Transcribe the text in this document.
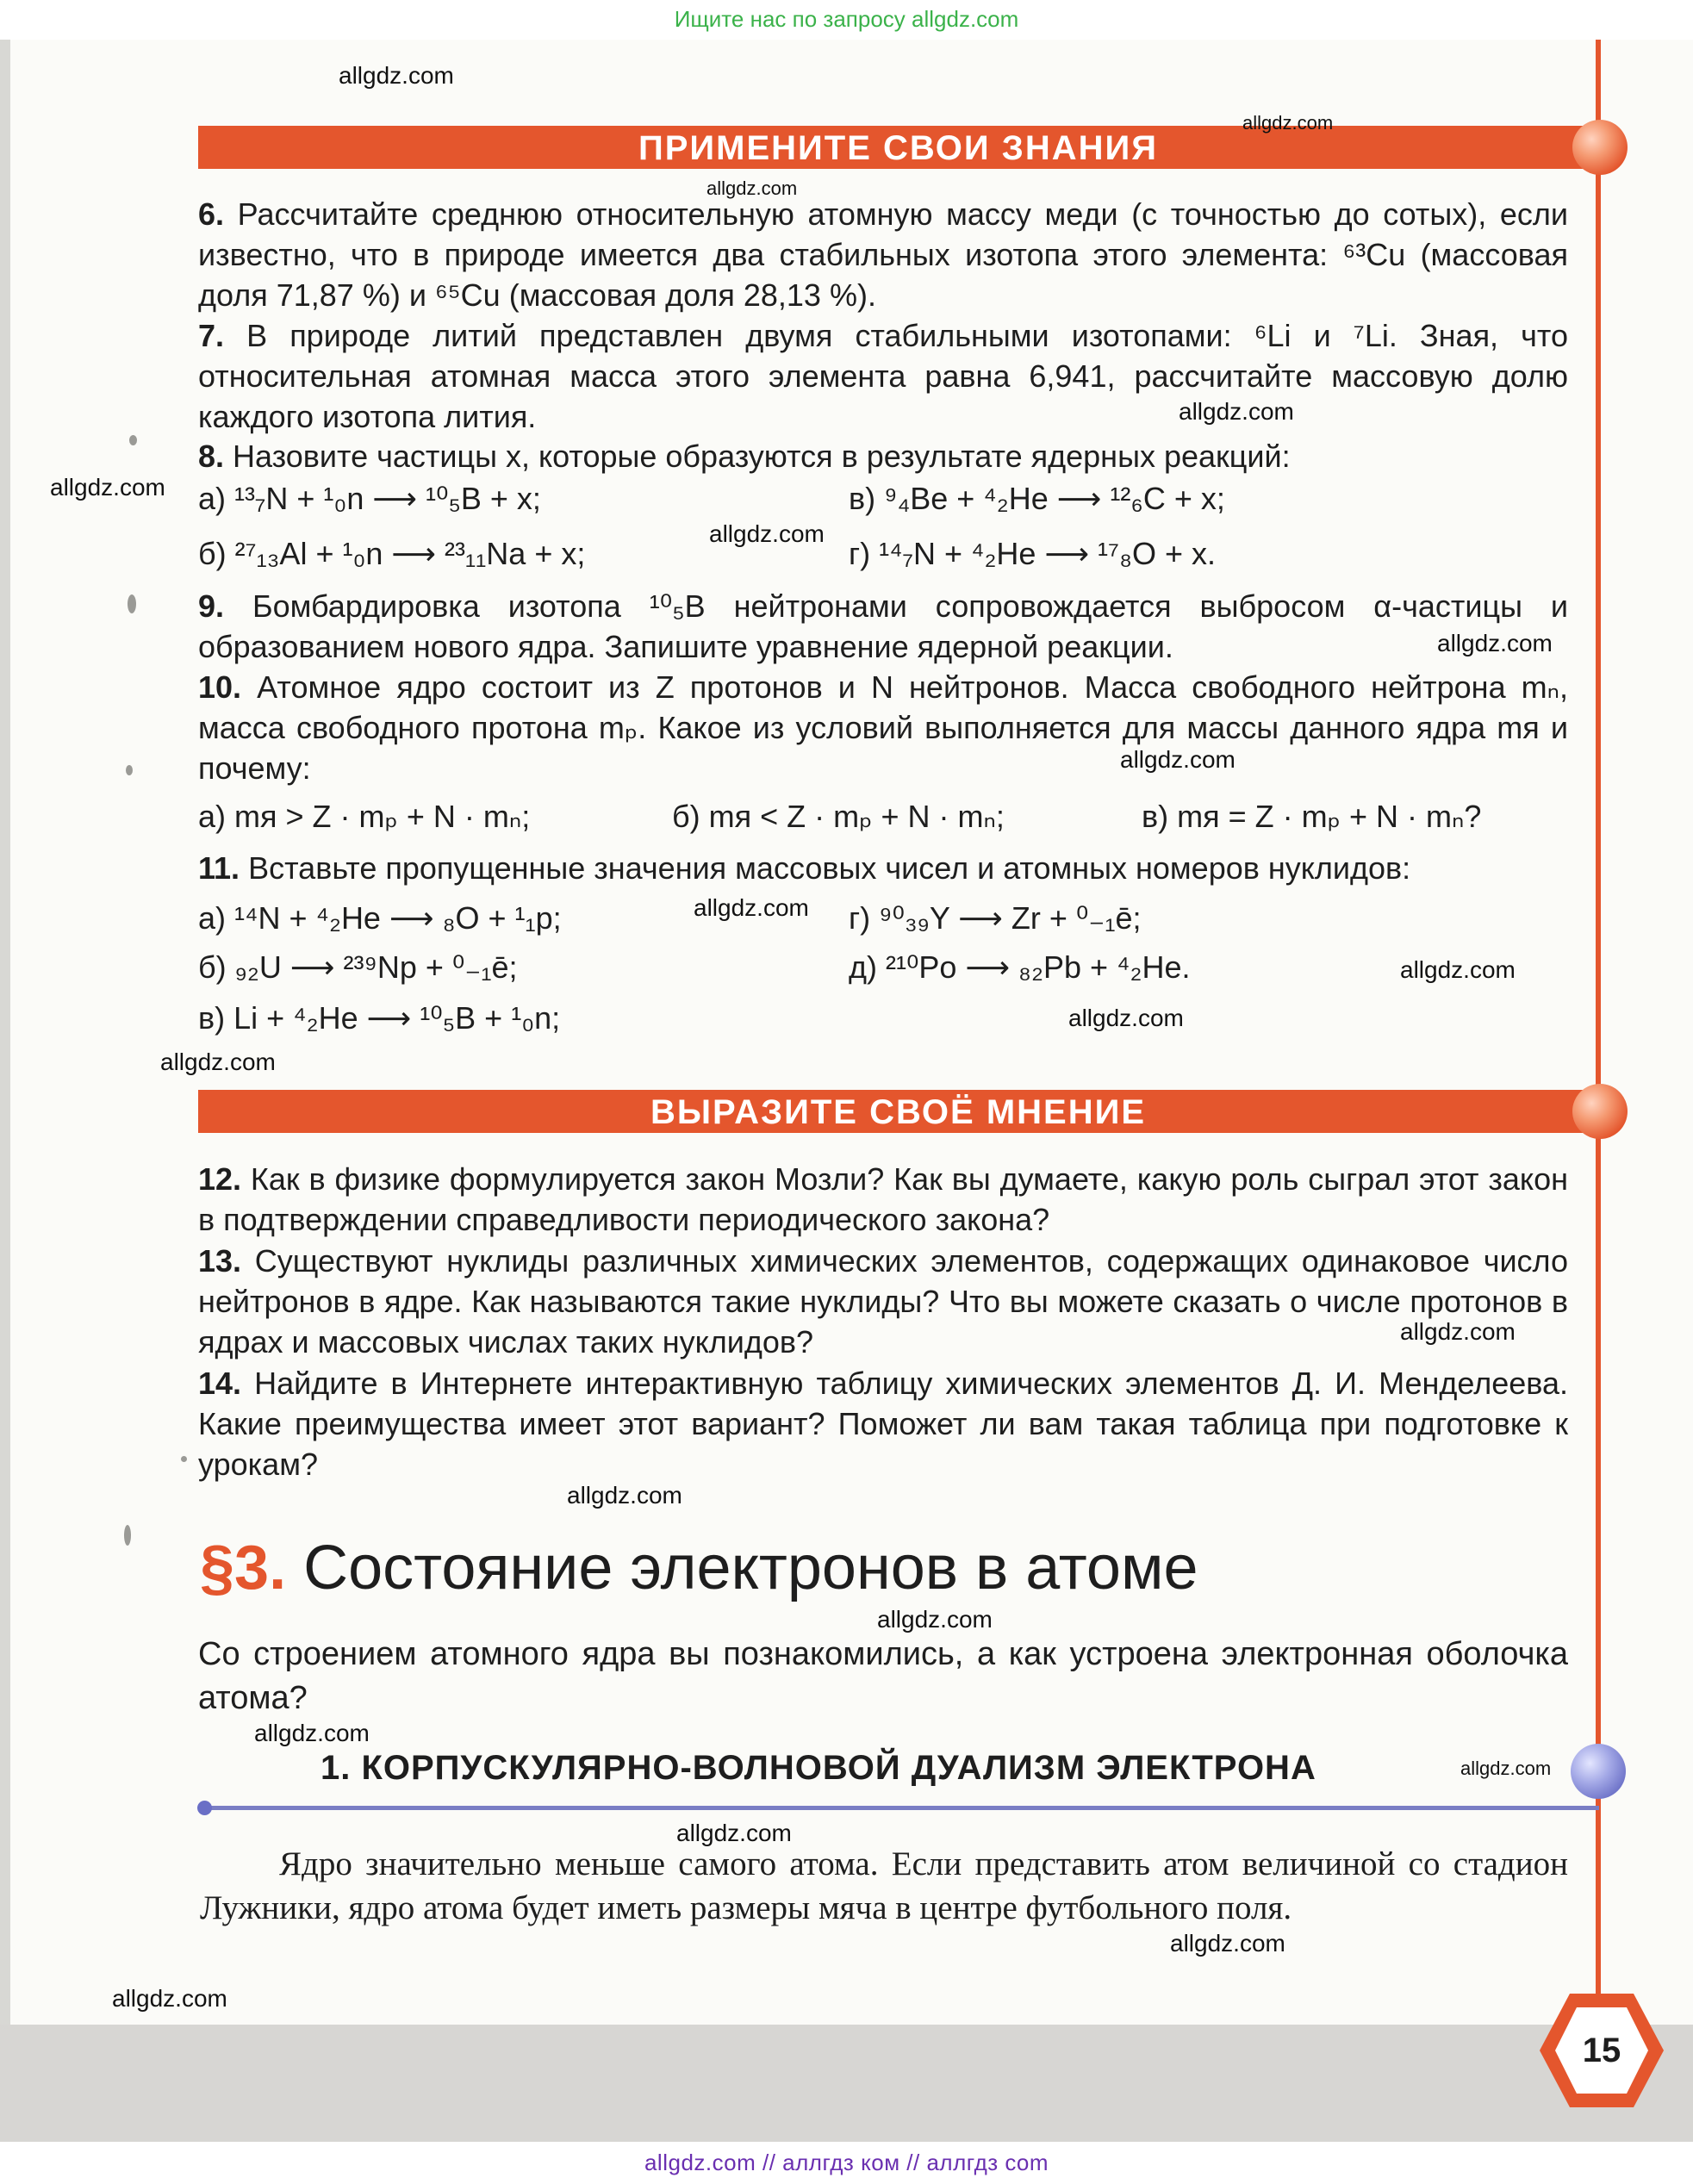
Ищите нас по запросу allgdz.com
ПРИМЕНИТЕ СВОИ ЗНАНИЯ
6. Рассчитайте среднюю относительную атомную массу меди (с точностью до сотых), если известно, что в природе имеется два стабильных изотопа этого элемента: ⁶³Cu (массовая доля 71,87 %) и ⁶⁵Cu (массовая доля 28,13 %).
7. В природе литий представлен двумя стабильными изотопами: ⁶Li и ⁷Li. Зная, что относительная атомная масса этого элемента равна 6,941, рассчитайте массовую долю каждого изотопа лития.
8. Назовите частицы x, которые образуются в результате ядерных реакций:
а) ¹³₇N + ¹₀n ⟶ ¹⁰₅B + x;	в) ⁹₄Be + ⁴₂He ⟶ ¹²₆C + x;
б) ²⁷₁₃Al + ¹₀n ⟶ ²³₁₁Na + x;	г) ¹⁴₇N + ⁴₂He ⟶ ¹⁷₈O + x.
9. Бомбардировка изотопа ¹⁰₅B нейтронами сопровождается выбросом α-частицы и образованием нового ядра. Запишите уравнение ядерной реакции.
10. Атомное ядро состоит из Z протонов и N нейтронов. Масса свободного нейтрона mₙ, масса свободного протона mₚ. Какое из условий выполняется для массы данного ядра mя и почему:
а) mя > Z · mₚ + N · mₙ;	б) mя < Z · mₚ + N · mₙ;	в) mя = Z · mₚ + N · mₙ?
11. Вставьте пропущенные значения массовых чисел и атомных номеров нуклидов:
а) ¹⁴N + ⁴₂He ⟶ ₈O + ¹₁p;	г) ⁹⁰₃₉Y ⟶ Zr + ⁰₋₁ē;
б) ₉₂U ⟶ ²³⁹Np + ⁰₋₁ē;	д) ²¹⁰Po ⟶ ₈₂Pb + ⁴₂He.
в) Li + ⁴₂He ⟶ ¹⁰₅B + ¹₀n;
ВЫРАЗИТЕ СВОЁ МНЕНИЕ
12. Как в физике формулируется закон Мозли? Как вы думаете, какую роль сыграл этот закон в подтверждении справедливости периодического закона?
13. Существуют нуклиды различных химических элементов, содержащих одинаковое число нейтронов в ядре. Как называются такие нуклиды? Что вы можете сказать о числе протонов в ядрах и массовых числах таких нуклидов?
14. Найдите в Интернете интерактивную таблицу химических элементов Д. И. Менделеева. Какие преимущества имеет этот вариант? Поможет ли вам такая таблица при подготовке к урокам?
§3. Состояние электронов в атоме
Со строением атомного ядра вы познакомились, а как устроена электронная оболочка атома?
1. КОРПУСКУЛЯРНО-ВОЛНОВОЙ ДУАЛИЗМ ЭЛЕКТРОНА
Ядро значительно меньше самого атома. Если представить атом величиной со стадион Лужники, ядро атома будет иметь размеры мяча в центре футбольного поля.
15
allgdz.com
allgdz.com
allgdz.com
allgdz.com
allgdz.com
allgdz.com
allgdz.com
allgdz.com
allgdz.com
allgdz.com
allgdz.com
allgdz.com
allgdz.com
allgdz.com
allgdz.com
allgdz.com
allgdz.com
allgdz.com
allgdz.com
allgdz.com
allgdz.com // аллгдз ком // аллгдз com
